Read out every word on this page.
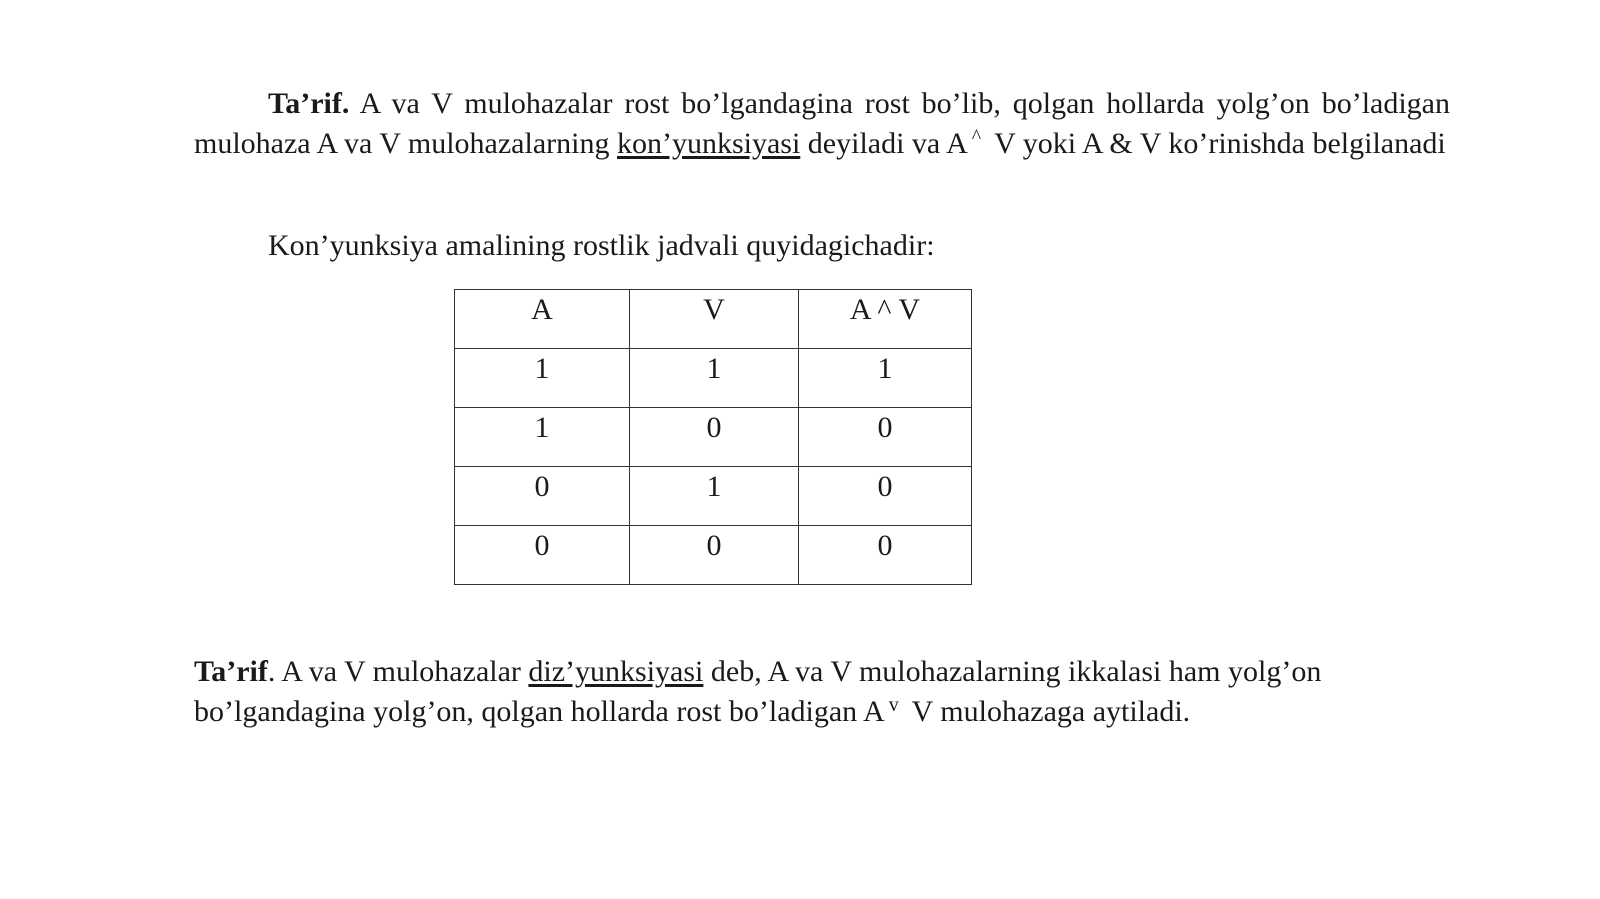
Ta’rif. A va V mulohazalar rost bo’lgandagina rost bo’lib, qolgan hollarda yolg’on bo’ladigan mulohaza A va V mulohazalarning kon’yunksiyasi deyiladi va A ^ V yoki A & V ko’rinishda belgilanadi

Kon’yunksiya amalining rostlik jadvali quyidagichadir:

A	V	A ^ V
1	1	1
1	0	0
0	1	0
0	0	0

Ta’rif. A va V mulohazalar diz’yunksiyasi deb, A va V mulohazalarning ikkalasi ham yolg’on bo’lgandagina yolg’on, qolgan hollarda rost bo’ladigan A $^v$ V mulohazaga aytiladi.
